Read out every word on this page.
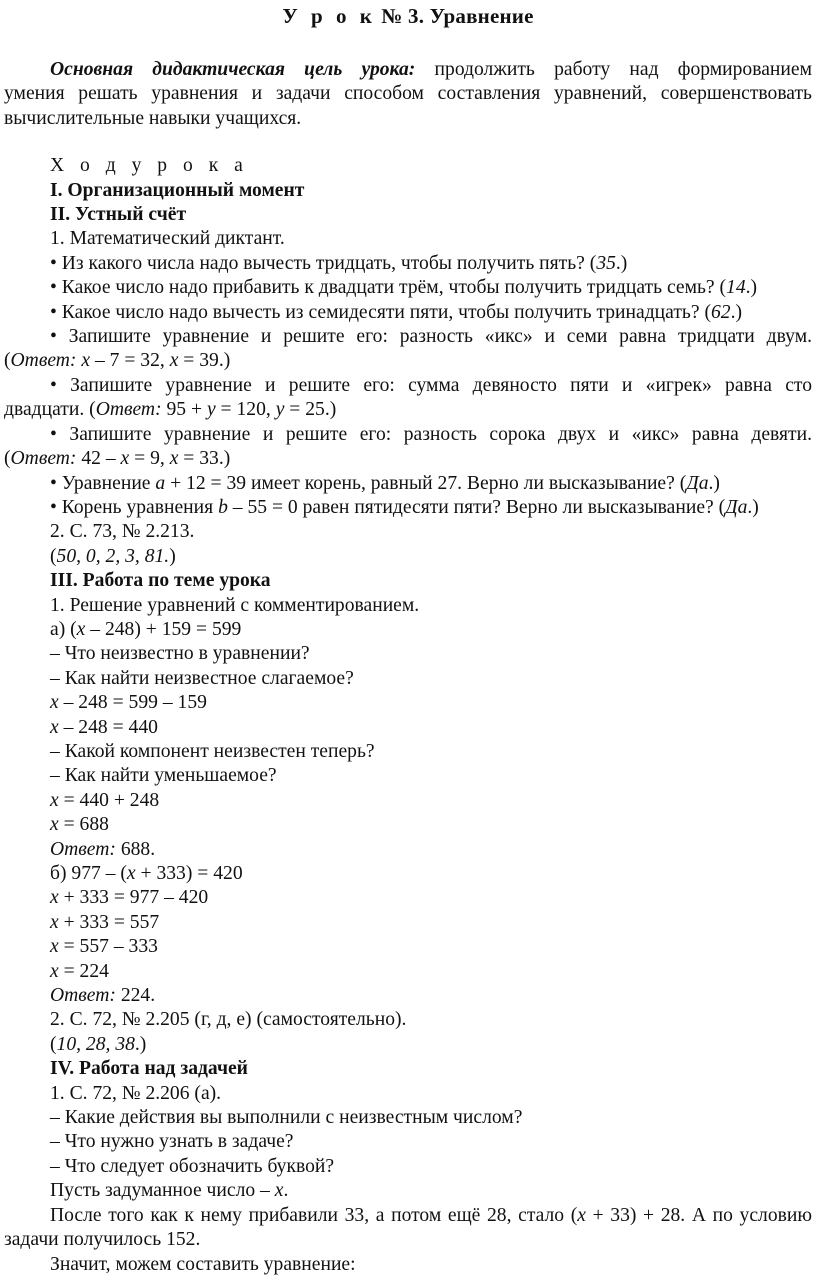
У р о к № 3. Уравнение

Основная дидактическая цель урока: продолжить работу над формированием

умения решать уравнения и задачи способом составления уравнений, совершенствовать

вычислительные навыки учащихся.

Х о д у р о к а

I. Организационный момент

II. Устный счёт

1. Математический диктант.

• Из какого числа надо вычесть тридцать, чтобы получить пять? (35.)

• Какое число надо прибавить к двадцати трём, чтобы получить тридцать семь? (14.)

• Какое число надо вычесть из семидесяти пяти, чтобы получить тринадцать? (62.)

• Запишите уравнение и решите его: разность «икс» и семи равна тридцати двум.

(Ответ: x – 7 = 32, x = 39.)

• Запишите уравнение и решите его: сумма девяносто пяти и «игрек» равна сто

двадцати. (Ответ: 95 + y = 120, y = 25.)

• Запишите уравнение и решите его: разность сорока двух и «икс» равна девяти.

(Ответ: 42 – x = 9, x = 33.)

• Уравнение a + 12 = 39 имеет корень, равный 27. Верно ли высказывание? (Да.)

• Корень уравнения b – 55 = 0 равен пятидесяти пяти? Верно ли высказывание? (Да.)

2. С. 73, № 2.213.

(50, 0, 2, 3, 81.)

III. Работа по теме урока

1. Решение уравнений с комментированием.

а) (x – 248) + 159 = 599

– Что неизвестно в уравнении?

– Как найти неизвестное слагаемое?

x – 248 = 599 – 159

x – 248 = 440

– Какой компонент неизвестен теперь?

– Как найти уменьшаемое?

x = 440 + 248

x = 688

Ответ: 688.

б) 977 – (x + 333) = 420

x + 333 = 977 – 420

x + 333 = 557

x = 557 – 333

x = 224

Ответ: 224.

2. С. 72, № 2.205 (г, д, е) (самостоятельно).

(10, 28, 38.)

IV. Работа над задачей

1. С. 72, № 2.206 (а).

– Какие действия вы выполнили с неизвестным числом?

– Что нужно узнать в задаче?

– Что следует обозначить буквой?

Пусть задуманное число – x.

После того как к нему прибавили 33, а потом ещё 28, стало (x + 33) + 28. А по условию

задачи получилось 152.

Значит, можем составить уравнение:
